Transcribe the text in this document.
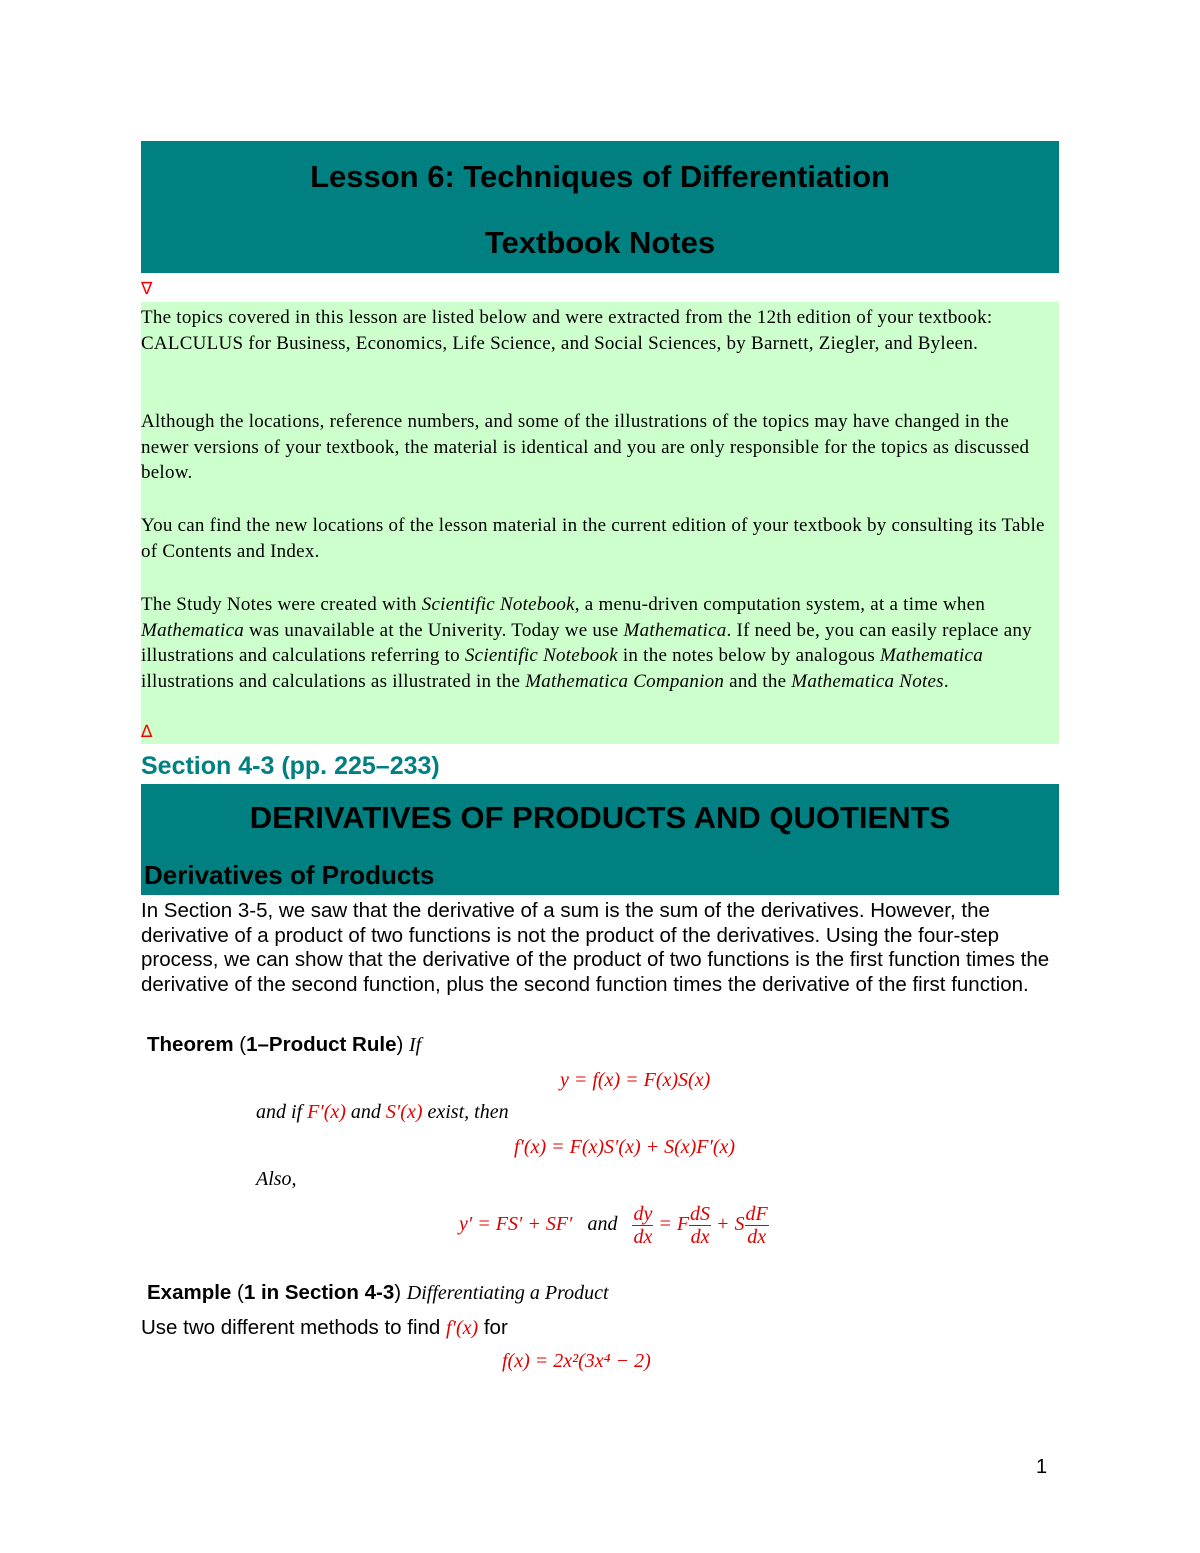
Lesson 6: Techniques of Differentiation
Textbook Notes
∇
The topics covered in this lesson are listed below and were extracted from the 12th edition of your textbook: CALCULUS for Business, Economics, Life Science, and Social Sciences, by Barnett, Ziegler, and Byleen.
Although the locations, reference numbers, and some of the illustrations of the topics may have changed in the newer versions of your textbook, the material is identical and you are only responsible for the topics as discussed below.
You can find the new locations of the lesson material in the current edition of your textbook by consulting its Table of Contents and Index.
The Study Notes were created with Scientific Notebook, a menu-driven computation system, at a time when Mathematica was unavailable at the Univerity. Today we use Mathematica. If need be, you can easily replace any illustrations and calculations referring to Scientific Notebook in the notes below by analogous Mathematica illustrations and calculations as illustrated in the Mathematica Companion and the Mathematica Notes.
∆
Section 4-3 (pp. 225–233)
DERIVATIVES OF PRODUCTS AND QUOTIENTS
Derivatives of Products
In Section 3-5, we saw that the derivative of a sum is the sum of the derivatives. However, the derivative of a product of two functions is not the product of the derivatives. Using the four-step process, we can show that the derivative of the product of two functions is the first function times the derivative of the second function, plus the second function times the derivative of the first function.
Theorem (1–Product Rule) If
y = f(x) = F(x)S(x)
and if F′(x) and S′(x) exist, then
f′(x) = F(x)S′(x) + S(x)F′(x)
Also,
y′ = FS′ + SF′ and $\frac{dy}{dx} = F \frac{dS}{dx} + S \frac{dF}{dx}$
Example (1 in Section 4-3) Differentiating a Product
Use two different methods to find f′(x) for
f(x) = 2x²(3x⁴ − 2)
1
